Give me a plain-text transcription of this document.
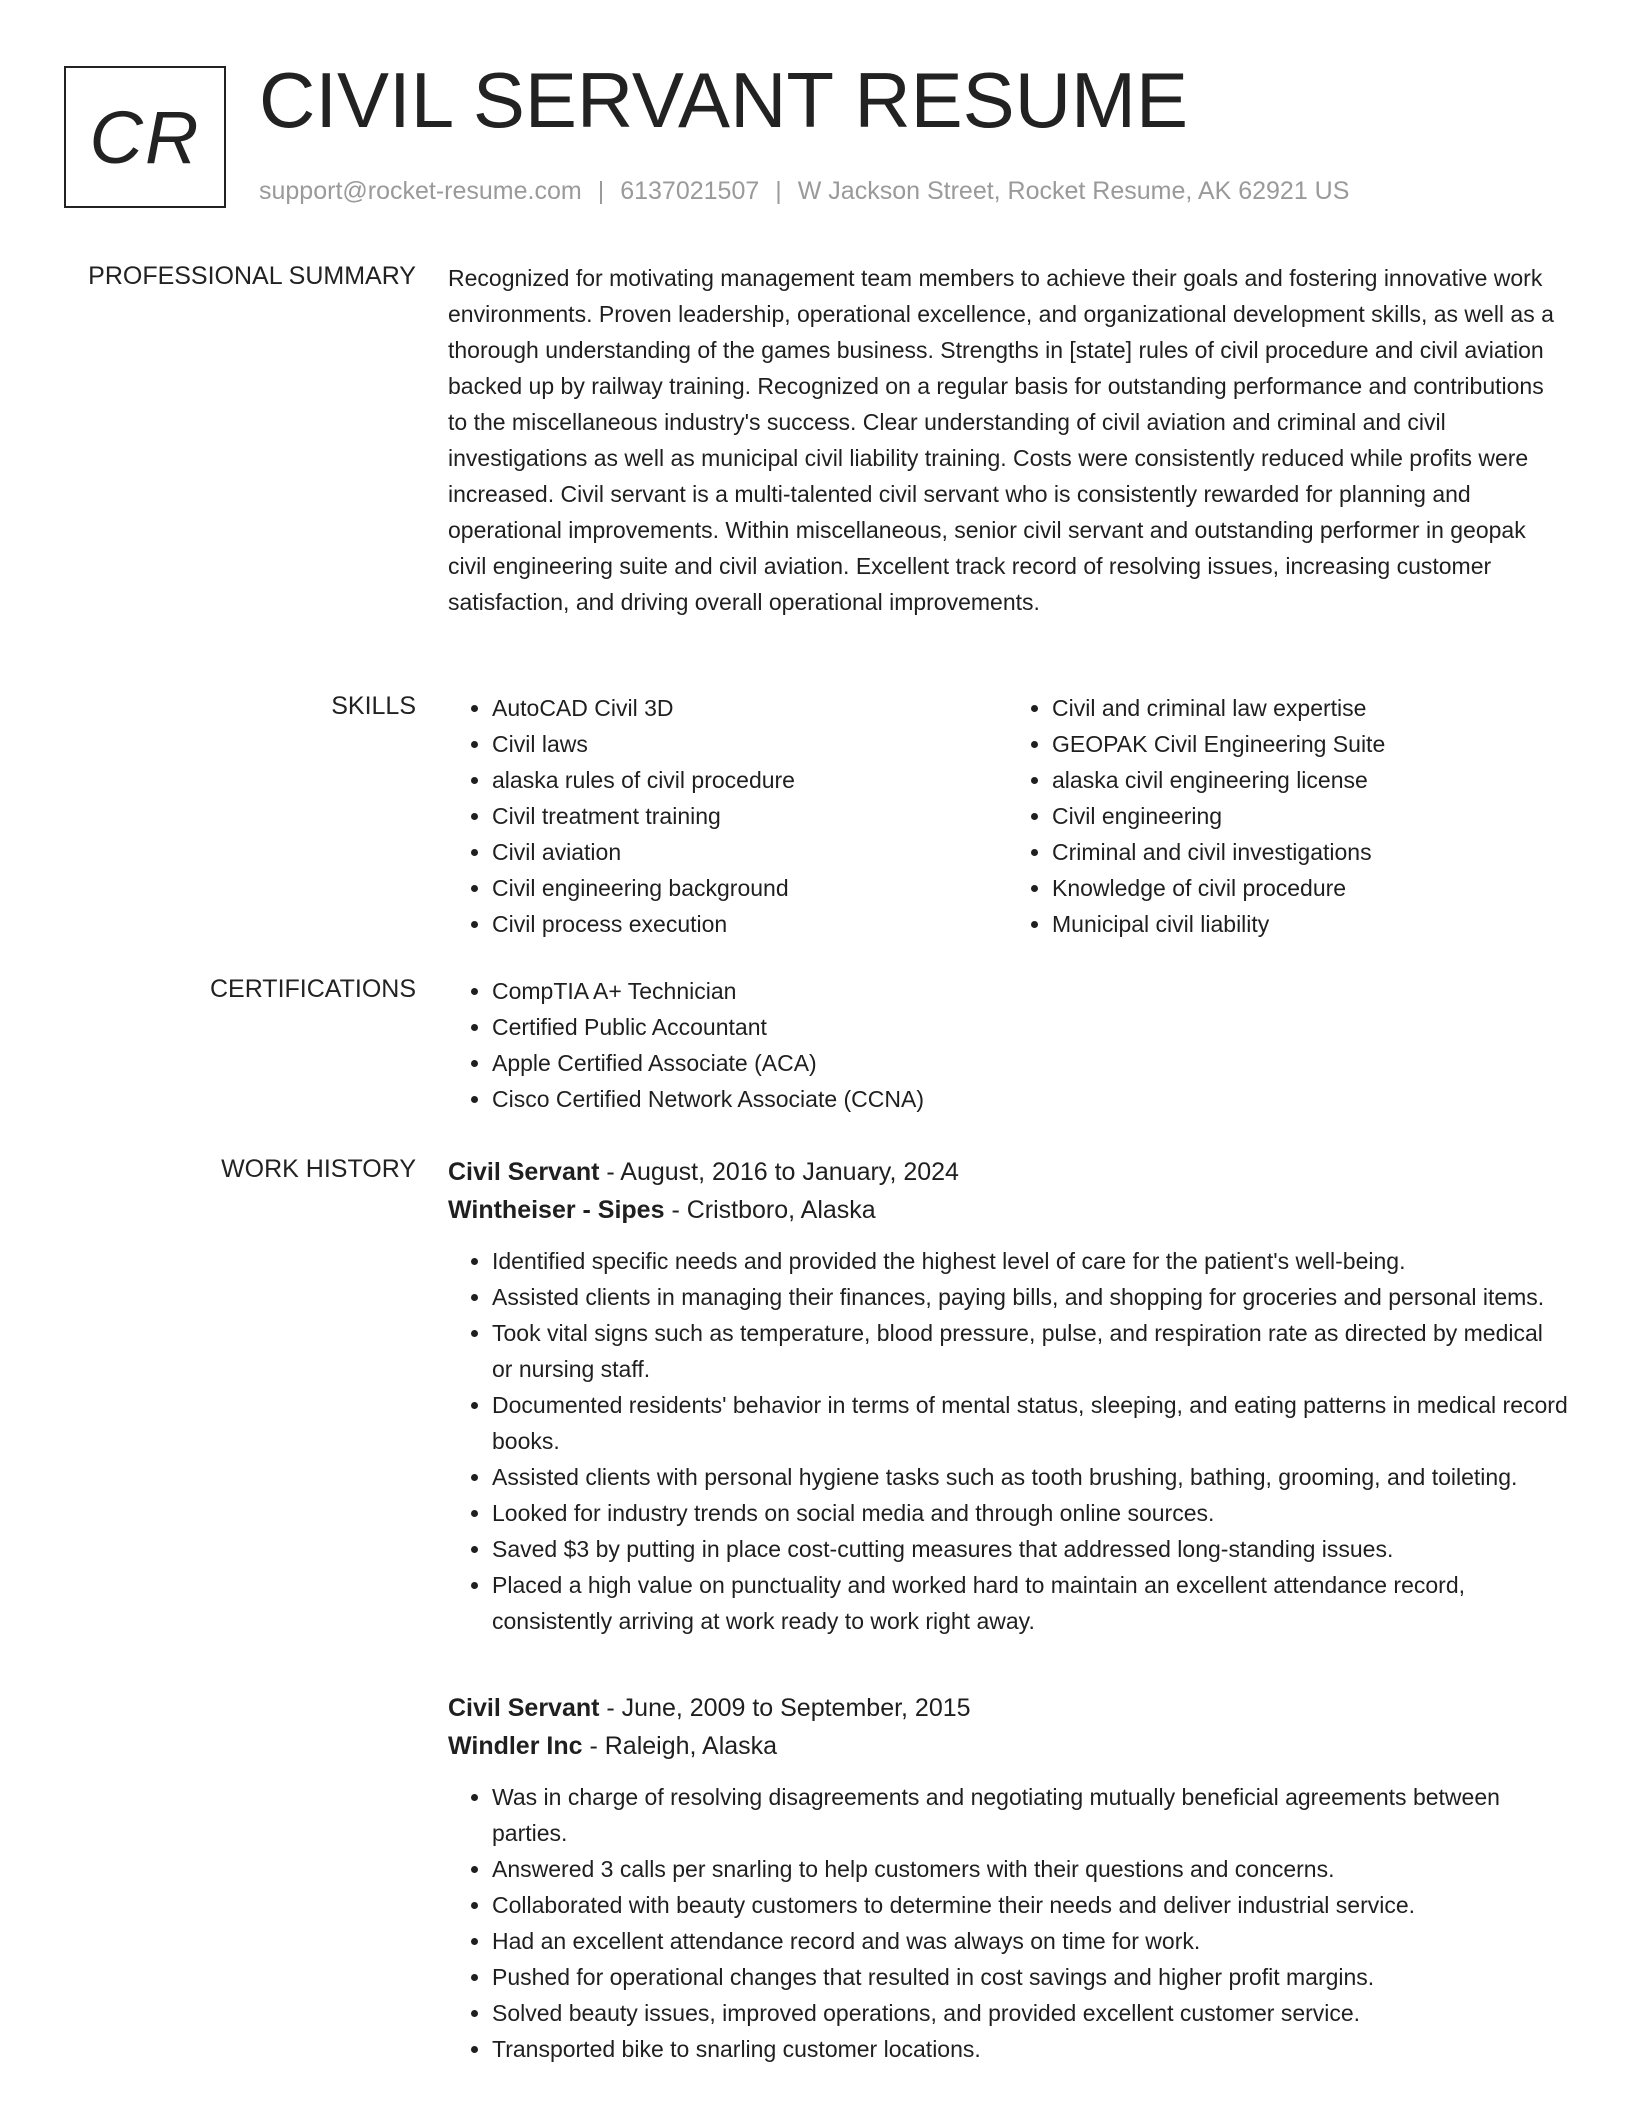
CR CIVIL SERVANT RESUME
support@rocket-resume.com | 6137021507 | W Jackson Street, Rocket Resume, AK 62921 US
PROFESSIONAL SUMMARY Recognized for motivating management team members to achieve their goals and fostering innovative work environments. Proven leadership, operational excellence, and organizational development skills, as well as a thorough understanding of the games business. Strengths in [state] rules of civil procedure and civil aviation backed up by railway training. Recognized on a regular basis for outstanding performance and contributions to the miscellaneous industry's success. Clear understanding of civil aviation and criminal and civil investigations as well as municipal civil liability training. Costs were consistently reduced while profits were increased. Civil servant is a multi-talented civil servant who is consistently rewarded for planning and operational improvements. Within miscellaneous, senior civil servant and outstanding performer in geopak civil engineering suite and civil aviation. Excellent track record of resolving issues, increasing customer satisfaction, and driving overall operational improvements.

SKILLS	• AutoCAD Civil 3D
• Civil laws
• alaska rules of civil procedure
• Civil treatment training
• Civil aviation
• Civil engineering background
• Civil process execution
• Civil and criminal law expertise
• GEOPAK Civil Engineering Suite
• alaska civil engineering license
• Civil engineering
• Criminal and civil investigations
• Knowledge of civil procedure
• Municipal civil liability
CERTIFICATIONS	• CompTIA A+ Technician
• Certified Public Accountant
• Apple Certified Associate (ACA)
• Cisco Certified Network Associate (CCNA)
WORK HISTORY Civil Servant - August, 2016 to January, 2024
Wintheiser - Sipes - Cristboro, Alaska
• Identified specific needs and provided the highest level of care for the patient's well-being.
• Assisted clients in managing their finances, paying bills, and shopping for groceries and personal items.
• Took vital signs such as temperature, blood pressure, pulse, and respiration rate as directed by medical or nursing staff.
• Documented residents' behavior in terms of mental status, sleeping, and eating patterns in medical record books.
• Assisted clients with personal hygiene tasks such as tooth brushing, bathing, grooming, and toileting.
• Looked for industry trends on social media and through online sources.
• Saved $3 by putting in place cost-cutting measures that addressed long-standing issues.
• Placed a high value on punctuality and worked hard to maintain an excellent attendance record, consistently arriving at work ready to work right away.
Civil Servant - June, 2009 to September, 2015
Windler Inc - Raleigh, Alaska
• Was in charge of resolving disagreements and negotiating mutually beneficial agreements between parties.
• Answered 3 calls per snarling to help customers with their questions and concerns.
• Collaborated with beauty customers to determine their needs and deliver industrial service.
• Had an excellent attendance record and was always on time for work.
• Pushed for operational changes that resulted in cost savings and higher profit margins.
• Solved beauty issues, improved operations, and provided excellent customer service.
• Transported bike to snarling customer locations.
